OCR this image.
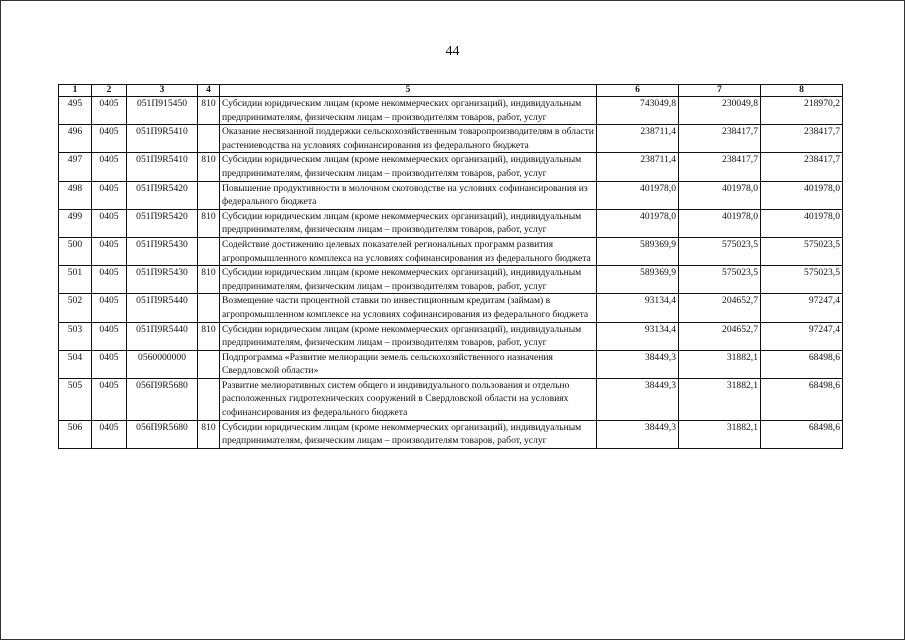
44
1	2	3	4	5	6	7	8
495	0405	051П915450	810	Субсидии юридическим лицам (кроме некоммерческих организаций), индивидуальным предпринимателям, физическим лицам – производителям товаров, работ, услуг	743049,8	230049,8	218970,2
496	0405	051П9R5410		Оказание несвязанной поддержки сельскохозяйственным товаропроизводителям в области растениеводства на условиях софинансирования из федерального бюджета	238711,4	238417,7	238417,7
497	0405	051П9R5410	810	Субсидии юридическим лицам (кроме некоммерческих организаций), индивидуальным предпринимателям, физическим лицам – производителям товаров, работ, услуг	238711,4	238417,7	238417,7
498	0405	051П9R5420		Повышение продуктивности в молочном скотоводстве на условиях софинансирования из федерального бюджета	401978,0	401978,0	401978,0
499	0405	051П9R5420	810	Субсидии юридическим лицам (кроме некоммерческих организаций), индивидуальным предпринимателям, физическим лицам – производителям товаров, работ, услуг	401978,0	401978,0	401978,0
500	0405	051П9R5430		Содействие достижению целевых показателей региональных программ развития агропромышленного комплекса на условиях софинансирования из федерального бюджета	589369,9	575023,5	575023,5
501	0405	051П9R5430	810	Субсидии юридическим лицам (кроме некоммерческих организаций), индивидуальным предпринимателям, физическим лицам – производителям товаров, работ, услуг	589369,9	575023,5	575023,5
502	0405	051П9R5440		Возмещение части процентной ставки по инвестиционным кредитам (займам) в агропромышленном комплексе на условиях софинансирования из федерального бюджета	93134,4	204652,7	97247,4
503	0405	051П9R5440	810	Субсидии юридическим лицам (кроме некоммерческих организаций), индивидуальным предпринимателям, физическим лицам – производителям товаров, работ, услуг	93134,4	204652,7	97247,4
504	0405	0560000000		Подпрограмма «Развитие мелиорации земель сельскохозяйственного назначения Свердловской области»	38449,3	31882,1	68498,6
505	0405	056П9R5680		Развитие мелиоративных систем общего и индивидуального пользования и отдельно расположенных гидротехнических сооружений в Свердловской области на условиях софинансирования из федерального бюджета	38449,3	31882,1	68498,6
506	0405	056П9R5680	810	Субсидии юридическим лицам (кроме некоммерческих организаций), индивидуальным предпринимателям, физическим лицам – производителям товаров, работ, услуг	38449,3	31882,1	68498,6
